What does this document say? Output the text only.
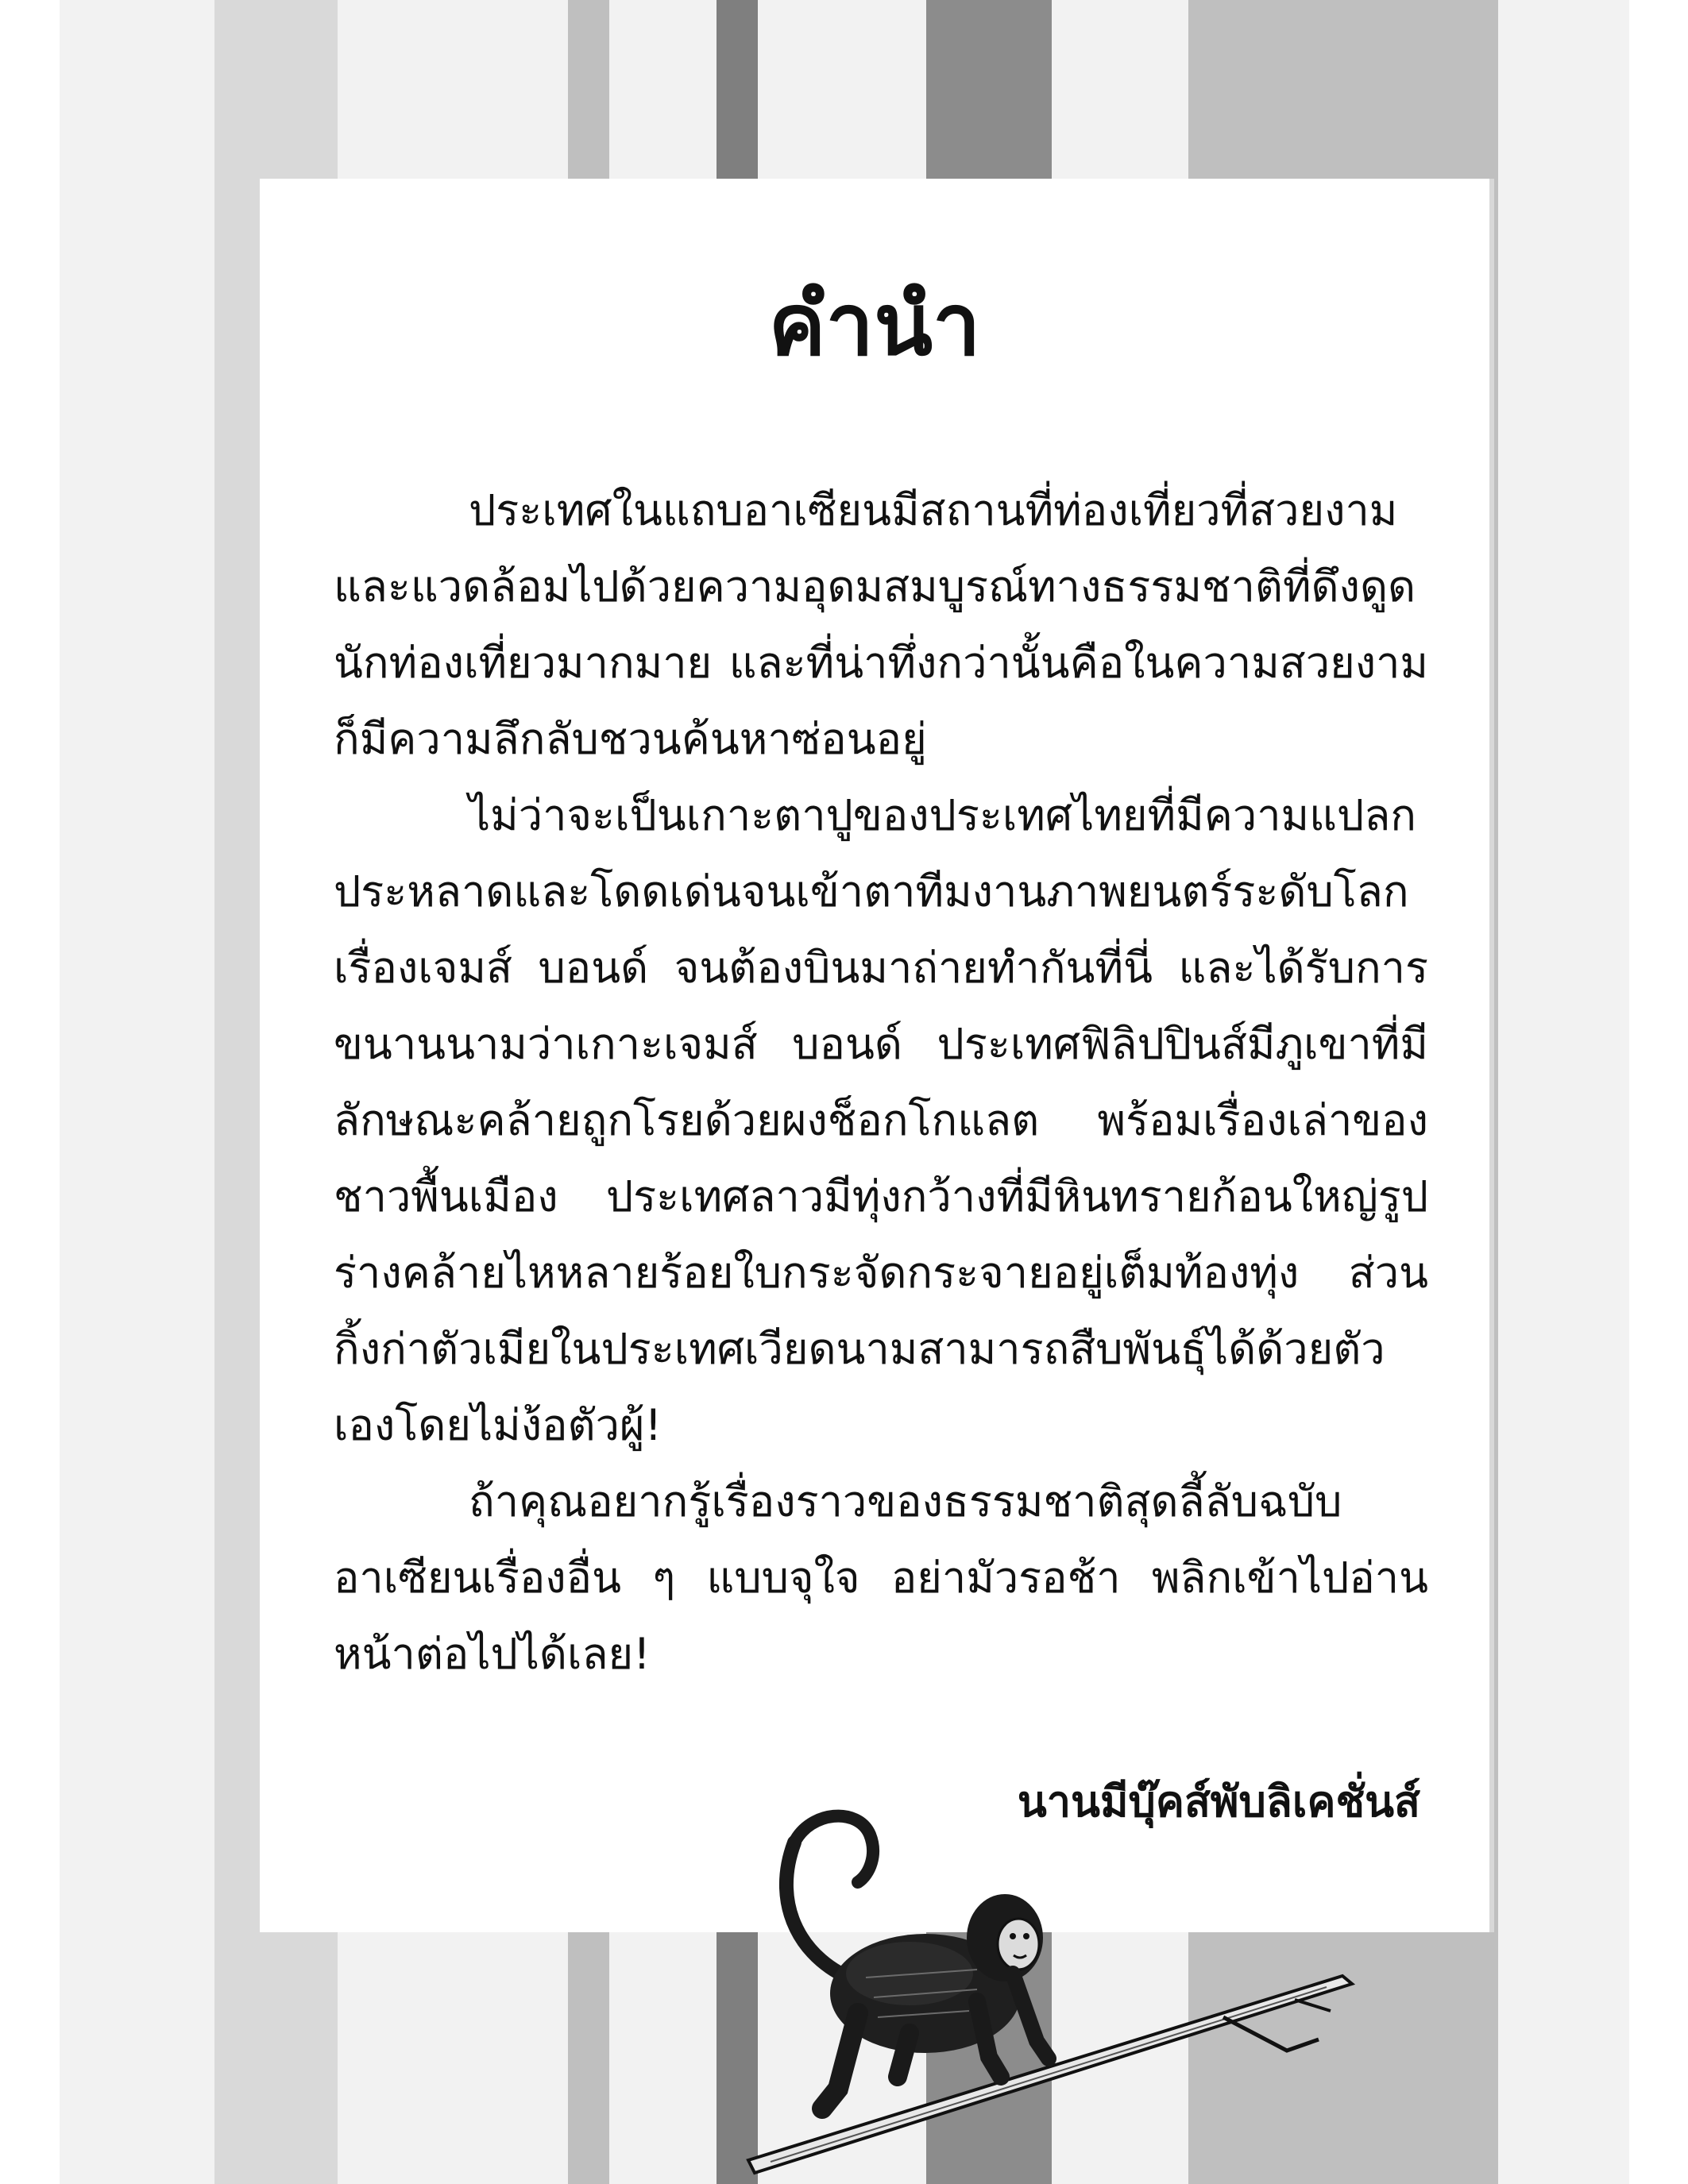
คำนำ

ประเทศในแถบอาเซียนมีสถานที่ท่องเที่ยวที่สวยงามและแวดล้อมไปด้วยความอุดมสมบูรณ์ทางธรรมชาติที่ดึงดูดนักท่องเที่ยวมากมาย และที่น่าทึ่งกว่านั้นคือในความสวยงามก็มีความลึกลับชวนค้นหาซ่อนอยู่

ไม่ว่าจะเป็นเกาะตาปูของประเทศไทยที่มีความแปลกประหลาดและโดดเด่นจนเข้าตาทีมงานภาพยนตร์ระดับโลกเรื่องเจมส์ บอนด์ จนต้องบินมาถ่ายทำกันที่นี่ และได้รับการขนานนามว่าเกาะเจมส์ บอนด์ ประเทศฟิลิปปินส์มีภูเขาที่มีลักษณะคล้ายถูกโรยด้วยผงช็อกโกแลต พร้อมเรื่องเล่าของชาวพื้นเมือง ประเทศลาวมีทุ่งกว้างที่มีหินทรายก้อนใหญ่รูปร่างคล้ายไหหลายร้อยใบกระจัดกระจายอยู่เต็มท้องทุ่ง ส่วนกิ้งก่าตัวเมียในประเทศเวียดนามสามารถสืบพันธุ์ได้ด้วยตัวเองโดยไม่ง้อตัวผู้!

ถ้าคุณอยากรู้เรื่องราวของธรรมชาติสุดลี้ลับฉบับอาเซียนเรื่องอื่น ๆ แบบจุใจ อย่ามัวรอช้า พลิกเข้าไปอ่านหน้าต่อไปได้เลย!

นานมีบุ๊คส์พับลิเคชั่นส์
